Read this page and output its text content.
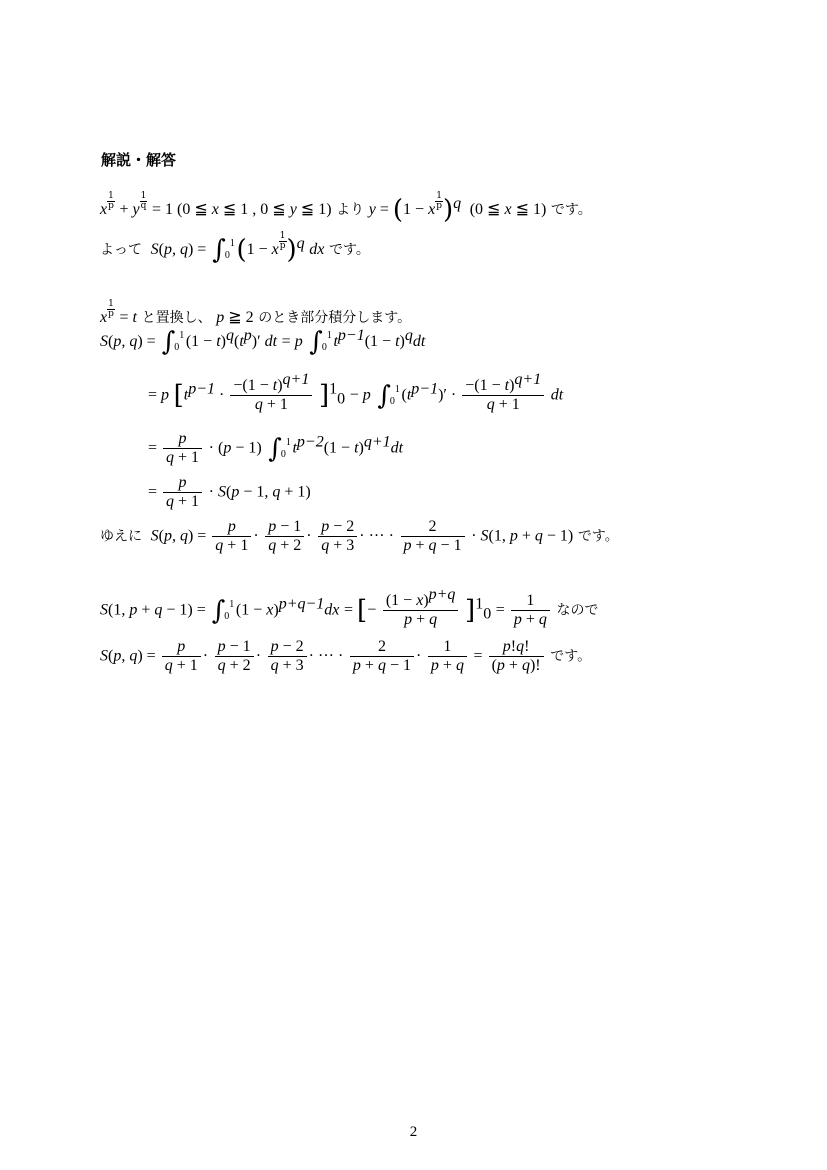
解説・解答
x $\frac{1}{p} + y \frac{1}{q} = 1$ (0 ≦ x ≦ 1 , 0 ≦ y ≦ 1) より y = (1 − x $\frac{1}{p} )^q$  (0 ≦ x ≦ 1) です。
よって  S(p, q) = ∫ 1
0 (1 − x $\frac{1}{p} )^q$ dx です。
x $\frac{1}{p} = t$ と置換し、 p ≧ 2 のとき部分積分します。
S(p, q) = ∫ 1
0 $(1 - t)^q(t^p)'$ dt = p ∫ 1
0 $t^{p-1}(1 - t)^qdt$
= p $[t^{p-1} \cdot \frac{-(1 - t)^{q+1}}{q + 1} ]^1_0 - p$ ∫ 1
0 $(t^{p-1})' \cdot \frac{-(1 - t)^{q+1}}{q + 1}$ dt
= $\frac{p}{q + 1} \cdot (p - 1)$ ∫ 1
0 $t^{p-2}(1 - t)^{q+1}dt$
= $\frac{p}{q + 1} \cdot S(p - 1$, q + 1)
ゆえに  S(p, $q) = \frac{p}{q + 1} \cdot \frac{p - 1}{q + 2} \cdot \frac{p - 2}{q + 3}$ · ··· · $\frac{2}{p + q - 1} \cdot S(1$, p + q − 1) です。
S(1, p + q − 1) = ∫ 1
0 $(1 - x)^{p+q-1}dx$ = [− $\frac{(1 - x)^{p+q}}{p + q} ]^1_0 = \frac{1}{p + q}$ なので
S(p, $q) = \frac{p}{q + 1} \cdot \frac{p - 1}{q + 2} \cdot \frac{p - 2}{q + 3}$ · ··· · $\frac{2}{p + q - 1} \cdot \frac{1}{p + q} = \frac{p!q!}{(p + q)!}$ です。
2
